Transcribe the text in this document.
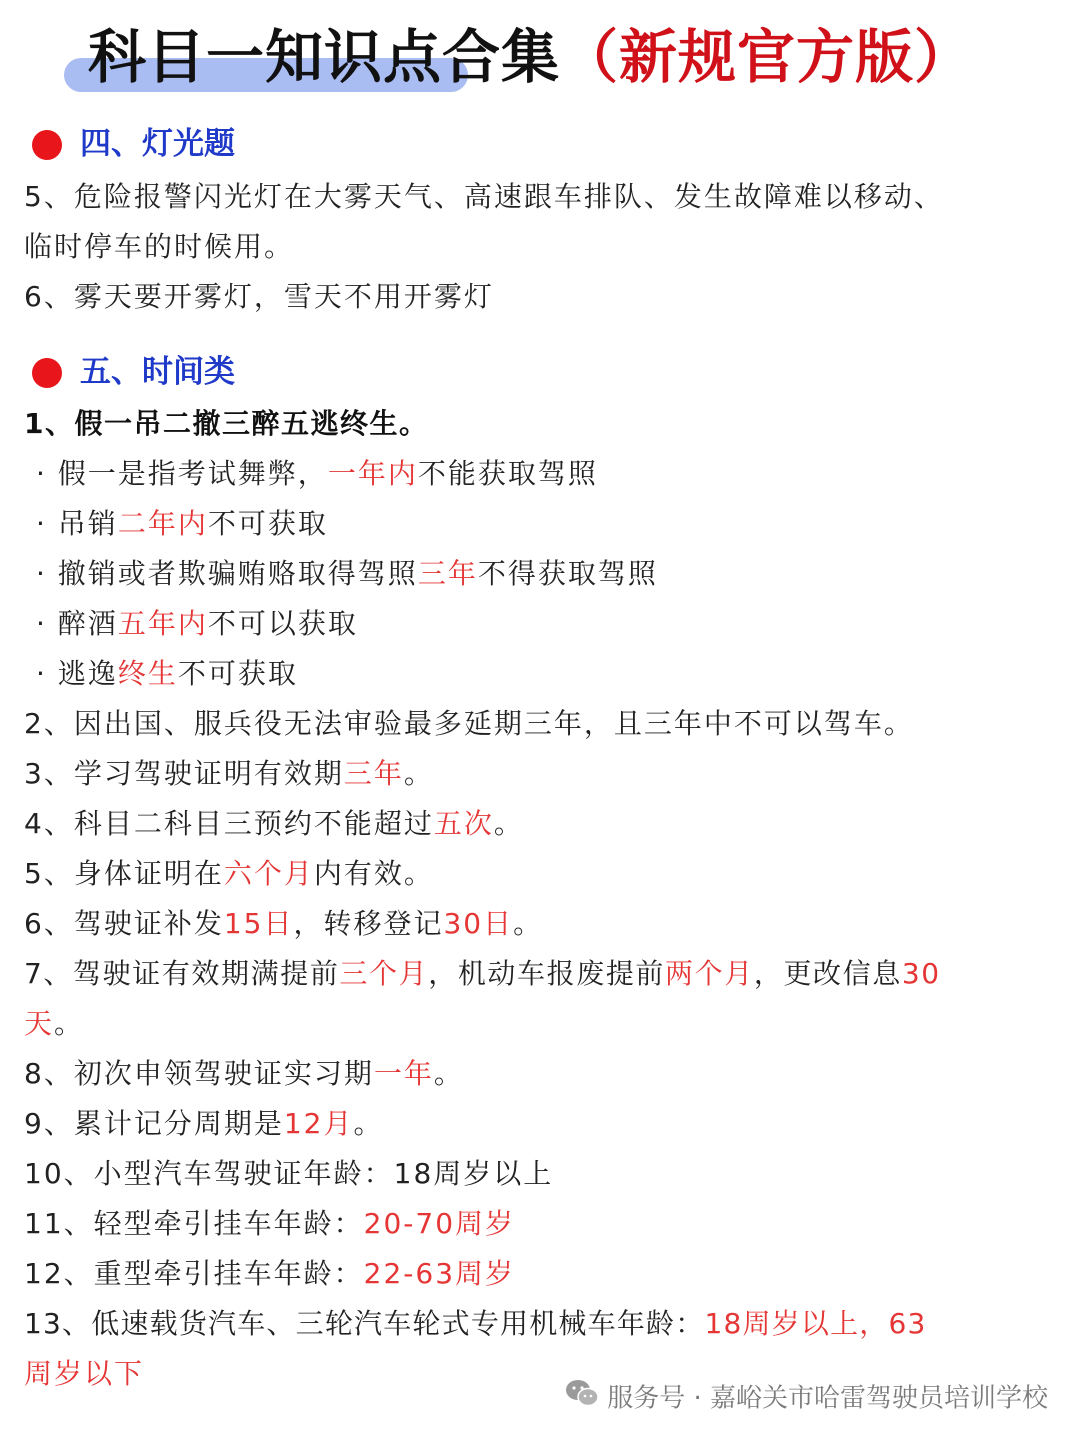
科目一知识点合集（新规官方版）
四、灯光题
5、危险报警闪光灯在大雾天气、高速跟车排队、发生故障难以移动、
临时停车的时候用。
6、雾天要开雾灯，雪天不用开雾灯
五、时间类
1、假一吊二撤三醉五逃终生。
· 假一是指考试舞弊，一年内不能获取驾照
· 吊销二年内不可获取
· 撤销或者欺骗贿赂取得驾照三年不得获取驾照
· 醉酒五年内不可以获取
· 逃逸终生不可获取
2、因出国、服兵役无法审验最多延期三年，且三年中不可以驾车。
3、学习驾驶证明有效期三年。
4、科目二科目三预约不能超过五次。
5、身体证明在六个月内有效。
6、驾驶证补发15日，转移登记30日。
7、驾驶证有效期满提前三个月，机动车报废提前两个月，更改信息30
天。
8、初次申领驾驶证实习期一年。
9、累计记分周期是12月。
10、小型汽车驾驶证年龄：18周岁以上
11、轻型牵引挂车年龄：20-70周岁
12、重型牵引挂车年龄：22-63周岁
13、低速载货汽车、三轮汽车轮式专用机械车年龄：18周岁以上，63
周岁以下
服务号 · 嘉峪关市哈雷驾驶员培训学校
